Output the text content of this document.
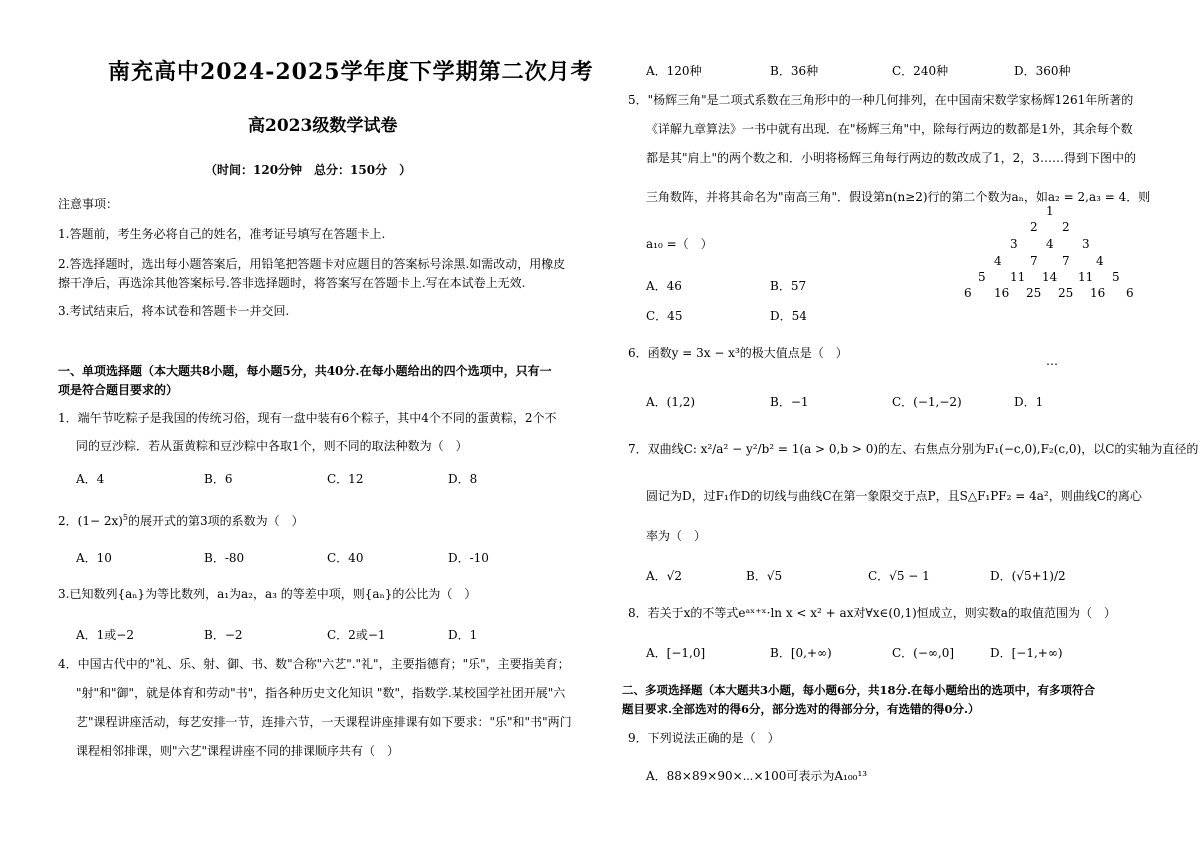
南充高中2024-2025学年度下学期第二次月考
高2023级数学试卷
（时间：120分钟　总分：150分　）
注意事项：
1.答题前，考生务必将自己的姓名，准考证号填写在答题卡上.
2.答选择题时，选出每小题答案后，用铅笔把答题卡对应题目的答案标号涂黑.如需改动，用橡皮
擦干净后，再选涂其他答案标号.答非选择题时，将答案写在答题卡上.写在本试卷上无效.
3.考试结束后，将本试卷和答题卡一并交回.
一、单项选择题（本大题共8小题，每小题5分，共40分.在每小题给出的四个选项中，只有一
项是符合题目要求的）
1．端午节吃粽子是我国的传统习俗，现有一盘中装有6个粽子，其中4个不同的蛋黄粽，2个不
同的豆沙粽．若从蛋黄粽和豆沙粽中各取1个，则不同的取法种数为（　）
A．4	B．6	C．12	D．8
2．$(1- 2x)^5$的展开式的第3项的系数为（　）
A．10	B．-80	C．40	D．-10
3.已知数列{aₙ}为等比数列，a₁为a₂，a₃ 的等差中项，则{aₙ}的公比为（　）
A．1或−2	B．−2	C．2或−1	D．1
4．中国古代中的"礼、乐、射、御、书、数"合称"六艺"."礼"，主要指德育；"乐"，主要指美育；
"射"和"御"，就是体育和劳动"书"，指各种历史文化知识 "数"，指数学.某校国学社团开展"六
艺"课程讲座活动，每艺安排一节，连排六节，一天课程讲座排课有如下要求："乐"和"书"两门
课程相邻排课，则"六艺"课程讲座不同的排课顺序共有（　）
A．120种	B．36种	C．240种	D．360种
5．"杨辉三角"是二项式系数在三角形中的一种几何排列，在中国南宋数学家杨辉1261年所著的
《详解九章算法》一书中就有出现．在"杨辉三角"中，除每行两边的数都是1外，其余每个数
都是其"肩上"的两个数之和．小明将杨辉三角每行两边的数改成了1，2，3……得到下图中的
三角数阵，并将其命名为"南高三角"．假设第n(n≥2)行的第二个数为aₙ，如a₂ = 2,a₃ = 4．则
a₁₀ =（　）
1
2 2
3 4 3
4 7 7 4
5 11 14 11 5
6 16 25 25 16 6
…
A．46	B．57
C．45	D．54
6．函数y = 3x − x³的极大值点是（　）
A．(1,2)	B．−1	C．(−1,−2)	D．1
7．双曲线C: x²/a² − y²/b² = 1(a > 0,b > 0)的左、右焦点分别为F₁(−c,0),F₂(c,0)，以C的实轴为直径的
圆记为D，过F₁作D的切线与曲线C在第一象限交于点P，且S△F₁PF₂ = 4a²，则曲线C的离心
率为（　）
A．√2	B．√5	C．√5 − 1	D．(√5+1)/2
8．若关于x的不等式eᵃˣ⁺ˣ·ln x < x² + ax对∀x∈(0,1)恒成立，则实数a的取值范围为（　）
A．[−1,0]	B．[0,+∞)	C．(−∞,0]	D．[−1,+∞)
二、多项选择题（本大题共3小题，每小题6分，共18分.在每小题给出的选项中，有多项符合
题目要求.全部选对的得6分，部分选对的得部分分，有选错的得0分.）
9．下列说法正确的是（　）
A．88×89×90×⋯×100可表示为A₁₀₀¹³
